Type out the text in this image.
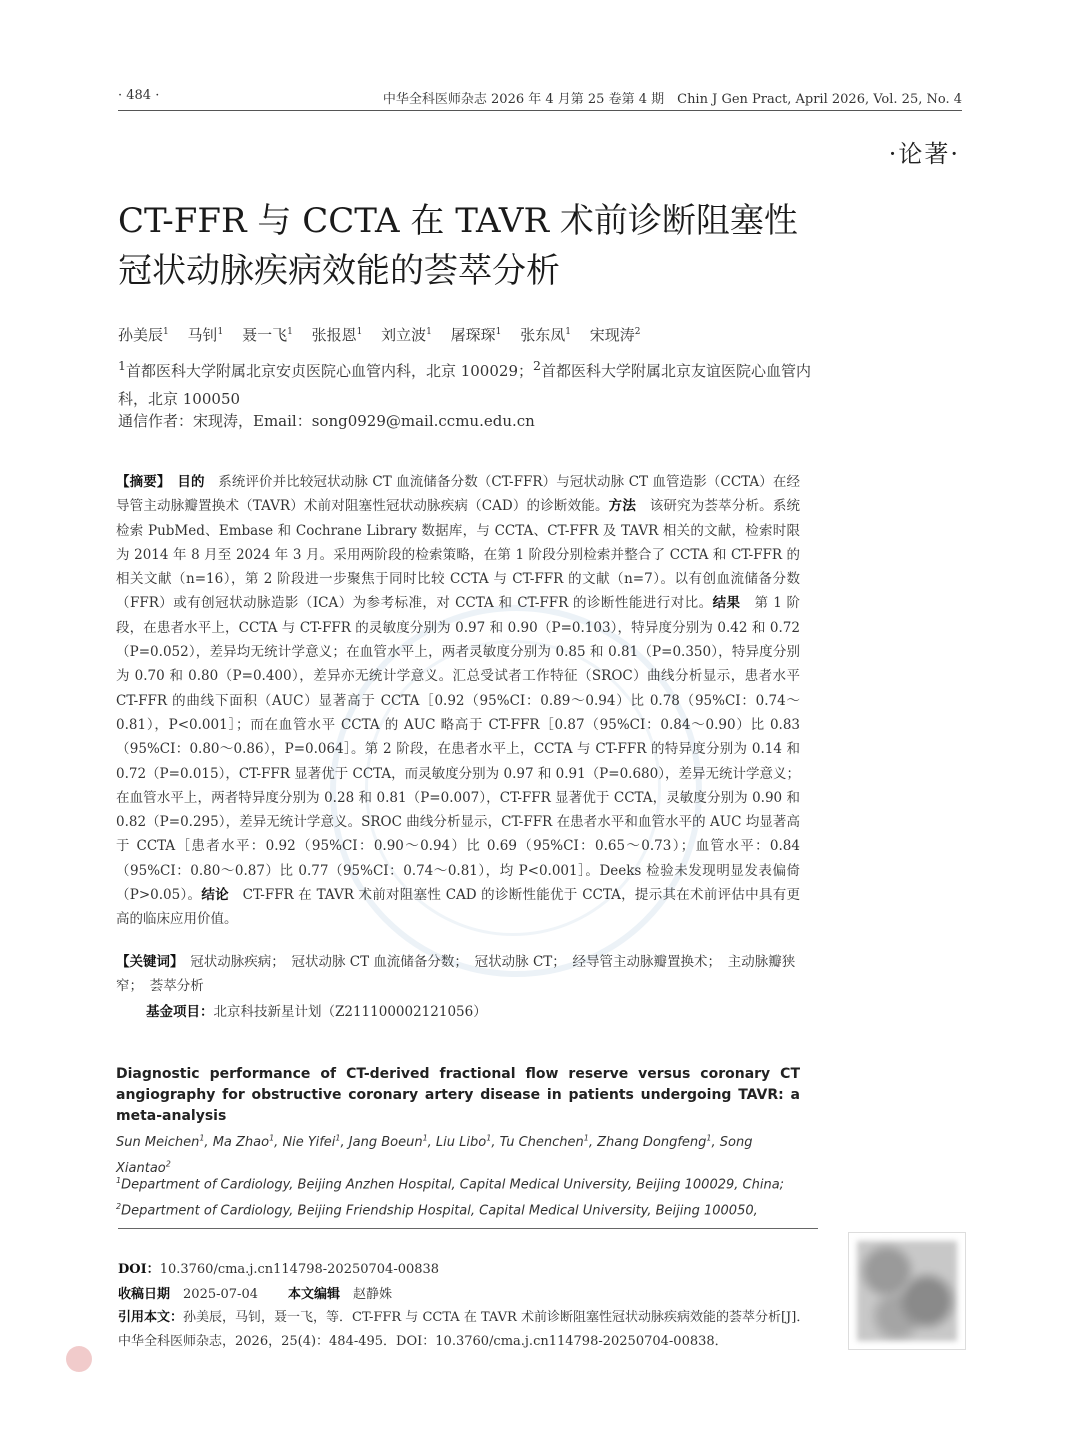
· 484 ·	中华全科医师杂志 2026 年 4 月第 25 卷第 4 期　Chin J Gen Pract, April 2026, Vol. 25, No. 4
·论著·
CT-FFR 与 CCTA 在 TAVR 术前诊断阻塞性
冠状动脉疾病效能的荟萃分析
孙美辰$^1$ 马钊$^1$ 聂一飞$^1$ 张报恩$^1$ 刘立波$^1$ 屠琛琛$^1$ 张东凤$^1$ 宋现涛$^2$
$^1$首都医科大学附属北京安贞医院心血管内科，北京 100029；$^2$首都医科大学附属北京友谊医院心血管内科，北京 100050
通信作者：宋现涛，Email：song0929@mail.ccmu.edu.cn

【摘要】　 目的　 系统评价并比较冠状动脉 CT 血流储备分数（CT-FFR）与冠状动脉 CT 血管造影（CCTA）在经导管主动脉瓣置换术（TAVR）术前对阻塞性冠状动脉疾病（CAD）的诊断效能。方法　 该研究为荟萃分析。系统检索 PubMed、Embase 和 Cochrane Library 数据库，与 CCTA、CT-FFR 及 TAVR 相关的文献，检索时限为 2014 年 8 月至 2024 年 3 月。采用两阶段的检索策略，在第 1 阶段分别检索并整合了 CCTA 和 CT-FFR 的相关文献（n=16），第 2 阶段进一步聚焦于同时比较 CCTA 与 CT-FFR 的文献（n=7）。以有创血流储备分数（FFR）或有创冠状动脉造影（ICA）为参考标准，对 CCTA 和 CT-FFR 的诊断性能进行对比。结果　 第 1 阶段，在患者水平上，CCTA 与 CT-FFR 的灵敏度分别为 0.97 和 0.90（P=0.103），特异度分别为 0.42 和 0.72（P=0.052），差异均无统计学意义；在血管水平上，两者灵敏度分别为 0.85 和 0.81（P=0.350），特异度分别为 0.70 和 0.80（P=0.400），差异亦无统计学意义。汇总受试者工作特征（SROC）曲线分析显示，患者水平 CT-FFR 的曲线下面积（AUC）显著高于 CCTA［0.92（95%CI：0.89～0.94）比 0.78（95%CI：0.74～0.81），P<0.001］；而在血管水平 CCTA 的 AUC 略高于 CT-FFR［0.87（95%CI：0.84～0.90）比 0.83（95%CI：0.80～0.86），P=0.064］。第 2 阶段，在患者水平上，CCTA 与 CT-FFR 的特异度分别为 0.14 和 0.72（P=0.015），CT-FFR 显著优于 CCTA，而灵敏度分别为 0.97 和 0.91（P=0.680），差异无统计学意义；在血管水平上，两者特异度分别为 0.28 和 0.81（P=0.007），CT-FFR 显著优于 CCTA，灵敏度分别为 0.90 和 0.82（P=0.295），差异无统计学意义。SROC 曲线分析显示，CT-FFR 在患者水平和血管水平的 AUC 均显著高于 CCTA［患者水平：0.92（95%CI：0.90～0.94）比 0.69（95%CI：0.65～0.73）；血管水平：0.84（95%CI：0.80～0.87）比 0.77（95%CI：0.74～0.81），均 P<0.001］。Deeks 检验未发现明显发表偏倚（P>0.05）。结论　 CT-FFR 在 TAVR 术前对阻塞性 CAD 的诊断性能优于 CCTA，提示其在术前评估中具有更高的临床应用价值。

【关键词】　 冠状动脉疾病；　冠状动脉 CT 血流储备分数；　冠状动脉 CT；　经导管主动脉瓣置换术；　主动脉瓣狭窄；　荟萃分析
基金项目：北京科技新星计划（Z211100002121056）

Diagnostic performance of CT-derived fractional flow reserve versus coronary CT angiography for obstructive coronary artery disease in patients undergoing TAVR: a meta-analysis

Sun Meichen$^1$, Ma Zhao$^1$, Nie Yifei$^1$, Jang Boeun$^1$, Liu Libo$^1$, Tu Chenchen$^1$, Zhang Dongfeng$^1$, Song Xiantao$^2$
$^1$Department of Cardiology, Beijing Anzhen Hospital, Capital Medical University, Beijing 100029, China;
$^2$Department of Cardiology, Beijing Friendship Hospital, Capital Medical University, Beijing 100050,
DOI：10.3760/cma.j.cn114798-20250704-00838
收稿日期　 2025-07-04 本文编辑　 赵静姝
引用本文：孙美辰，马钊，聂一飞，等．CT-FFR 与 CCTA 在 TAVR 术前诊断阻塞性冠状动脉疾病效能的荟萃分析[J]．中华全科医师杂志，2026，25(4)：484-495．DOI：10.3760/cma.j.cn114798-20250704-00838．
